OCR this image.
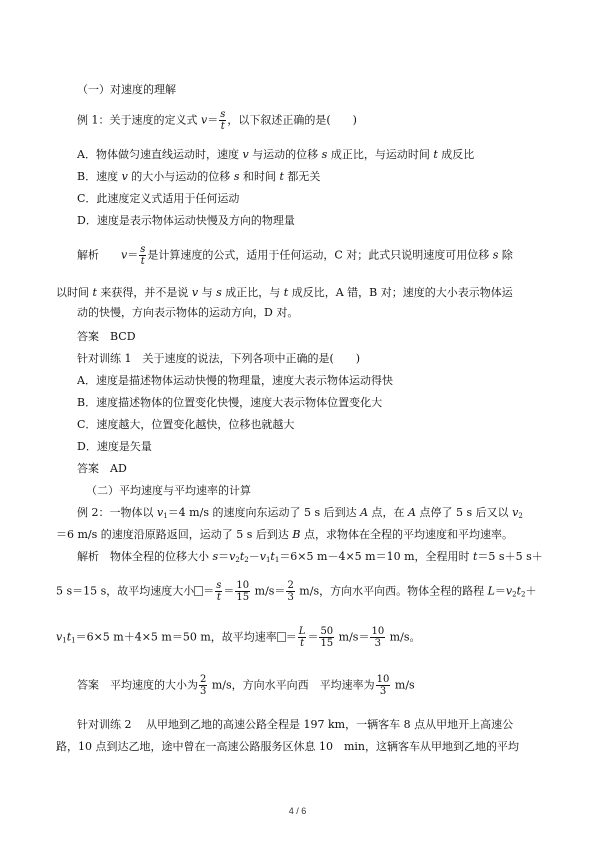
（一）对速度的理解
例 1：关于速度的定义式 $v= \frac{s}{t}$ ，以下叙述正确的是(　　)
A．物体做匀速直线运动时，速度 v 与运动的位移 s 成正比，与运动时间 t 成反比
B．速度 v 的大小与运动的位移 s 和时间 t 都无关
C．此速度定义式适用于任何运动
D．速度是表示物体运动快慢及方向的物理量
解析　　$v= \frac{s}{t}$ 是计算速度的公式，适用于任何运动，C 对；此式只说明速度可用位移 s 除
以时间 t 来获得，并不是说 v 与 s 成正比，与 t 成反比，A 错，B 对；速度的大小表示物体运
动的快慢，方向表示物体的运动方向，D 对。
答案　BCD
针对训练 1　关于速度的说法，下列各项中正确的是(　　)
A．速度是描述物体运动快慢的物理量，速度大表示物体运动得快
B．速度描述物体的位置变化快慢，速度大表示物体位置变化大
C．速度越大，位置变化越快，位移也就越大
D．速度是矢量
答案　AD
（二）平均速度与平均速率的计算
例 2：一物体以 $v_1=4$ m/s 的速度向东运动了 5 s 后到达 A 点，在 A 点停了 5 s 后又以 $v_2$
＝6 m/s 的速度沿原路返回，运动了 5 s 后到达 B 点，求物体在全程的平均速度和平均速率。
解析　物体全程的位移大小 $s=v_2t_2-v_1t_1=6\times 5$ m－4×5 m＝10 m，全程用时 t＝5 s＋5 s＋
5 s＝15 s，故平均速度大小 ＝ $\frac{s}{t} = \frac{10}{15} m/s= \frac{2}{3} m/s$，方向水平向西。物体全程的路程 $L=v_2t_2+$
$v_1t_1=6\times 5$ m＋4×5 m＝50 m，故平均速率 ＝ $\frac{L}{t} = \frac{50}{15} m/s= \frac{10}{3} m/s$。
答案　平均速度的大小为 $\frac{2}{3} m/s$，方向水平向西　平均速率为 $\frac{10}{3} m/s$
针对训练 2　 从甲地到乙地的高速公路全程是 197 km，一辆客车 8 点从甲地开上高速公
路，10 点到达乙地，途中曾在一高速公路服务区休息 10　min，这辆客车从甲地到乙地的平均
4 / 6
